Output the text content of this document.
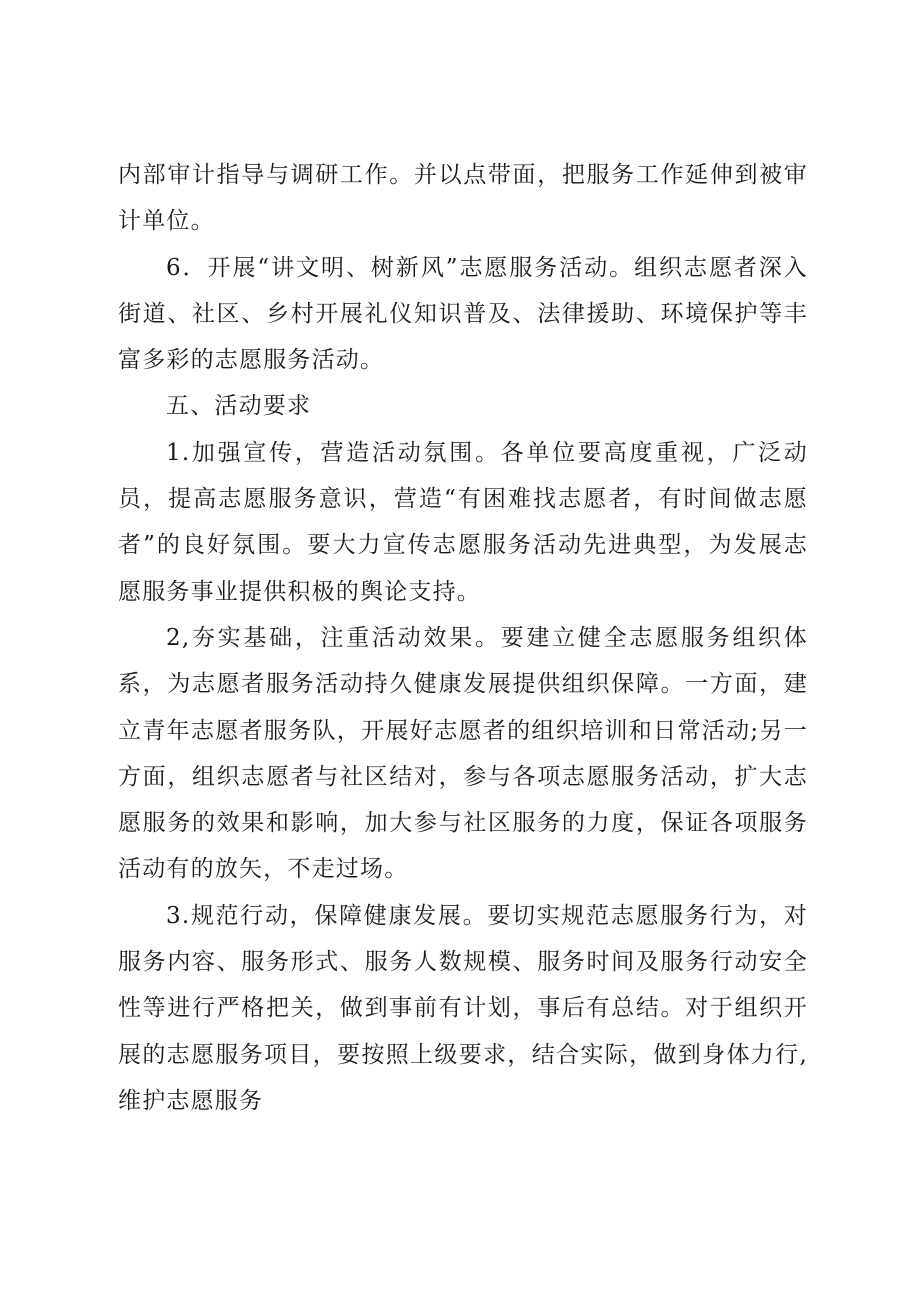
内部审计指导与调研工作。并以点带面，把服务工作延伸到被审计单位。

6．开展“讲文明、树新风”志愿服务活动。组织志愿者深入街道、社区、乡村开展礼仪知识普及、法律援助、环境保护等丰富多彩的志愿服务活动。

五、活动要求

1.加强宣传，营造活动氛围。各单位要高度重视，广泛动员，提高志愿服务意识，营造“有困难找志愿者，有时间做志愿者”的良好氛围。要大力宣传志愿服务活动先进典型，为发展志愿服务事业提供积极的舆论支持。

2,夯实基础，注重活动效果。要建立健全志愿服务组织体系，为志愿者服务活动持久健康发展提供组织保障。一方面，建立青年志愿者服务队，开展好志愿者的组织培训和日常活动;另一方面，组织志愿者与社区结对，参与各项志愿服务活动，扩大志愿服务的效果和影响，加大参与社区服务的力度，保证各项服务活动有的放矢，不走过场。

3.规范行动，保障健康发展。要切实规范志愿服务行为，对服务内容、服务形式、服务人数规模、服务时间及服务行动安全性等进行严格把关，做到事前有计划，事后有总结。对于组织开展的志愿服务项目，要按照上级要求，结合实际，做到身体力行,维护志愿服务
